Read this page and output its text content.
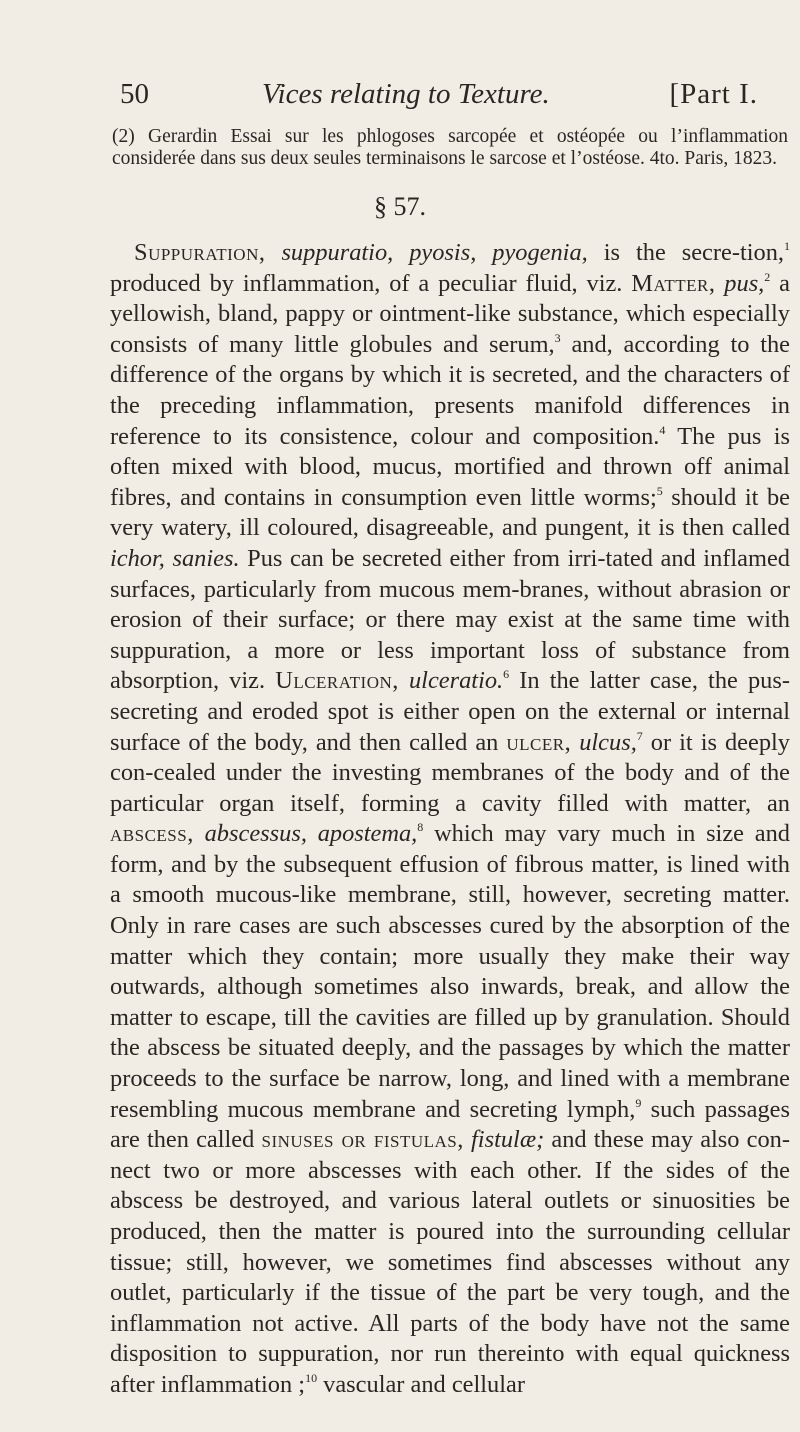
50	Vices relating to Texture.	[Part I.
(2) Gerardin Essai sur les phlogoses sarcopée et ostéopée ou l’inflammation considerée dans sus deux seules terminaisons le sarcose et l’ostéose. 4to. Paris, 1823.
§ 57.

Suppuration, suppuratio, pyosis, pyogenia, is the secre-tion,$^1$ produced by inflammation, of a peculiar fluid, viz. Matter, pus,$^2$ a yellowish, bland, pappy or ointment-like substance, which especially consists of many little globules and serum,$^3$ and, according to the difference of the organs by which it is secreted, and the characters of the preceding inflammation, presents manifold differences in reference to its consistence, colour and composition.$^4$ The pus is often mixed with blood, mucus, mortified and thrown off animal fibres, and contains in consumption even little worms;$^5$ should it be very watery, ill coloured, disagreeable, and pungent, it is then called ichor, sanies. Pus can be secreted either from irri-tated and inflamed surfaces, particularly from mucous mem-branes, without abrasion or erosion of their surface; or there may exist at the same time with suppuration, a more or less important loss of substance from absorption, viz. Ulceration, ulceratio.$^6$ In the latter case, the pus-secreting and eroded spot is either open on the external or internal surface of the body, and then called an ulcer, ulcus,$^7$ or it is deeply con-cealed under the investing membranes of the body and of the particular organ itself, forming a cavity filled with matter, an abscess, abscessus, apostema,$^8$ which may vary much in size and form, and by the subsequent effusion of fibrous matter, is lined with a smooth mucous-like membrane, still, however, secreting matter. Only in rare cases are such abscesses cured by the absorption of the matter which they contain; more usually they make their way outwards, although sometimes also inwards, break, and allow the matter to escape, till the cavities are filled up by granulation. Should the abscess be situated deeply, and the passages by which the matter proceeds to the surface be narrow, long, and lined with a membrane resembling mucous membrane and secreting lymph,$^9$ such passages are then called sinuses or fistulas, fistulæ; and these may also con-nect two or more abscesses with each other. If the sides of the abscess be destroyed, and various lateral outlets or sinuosities be produced, then the matter is poured into the surrounding cellular tissue; still, however, we sometimes find abscesses without any outlet, particularly if the tissue of the part be very tough, and the inflammation not active. All parts of the body have not the same disposition to suppuration, nor run thereinto with equal quickness after inflammation ;$^{10}$ vascular and cellular
